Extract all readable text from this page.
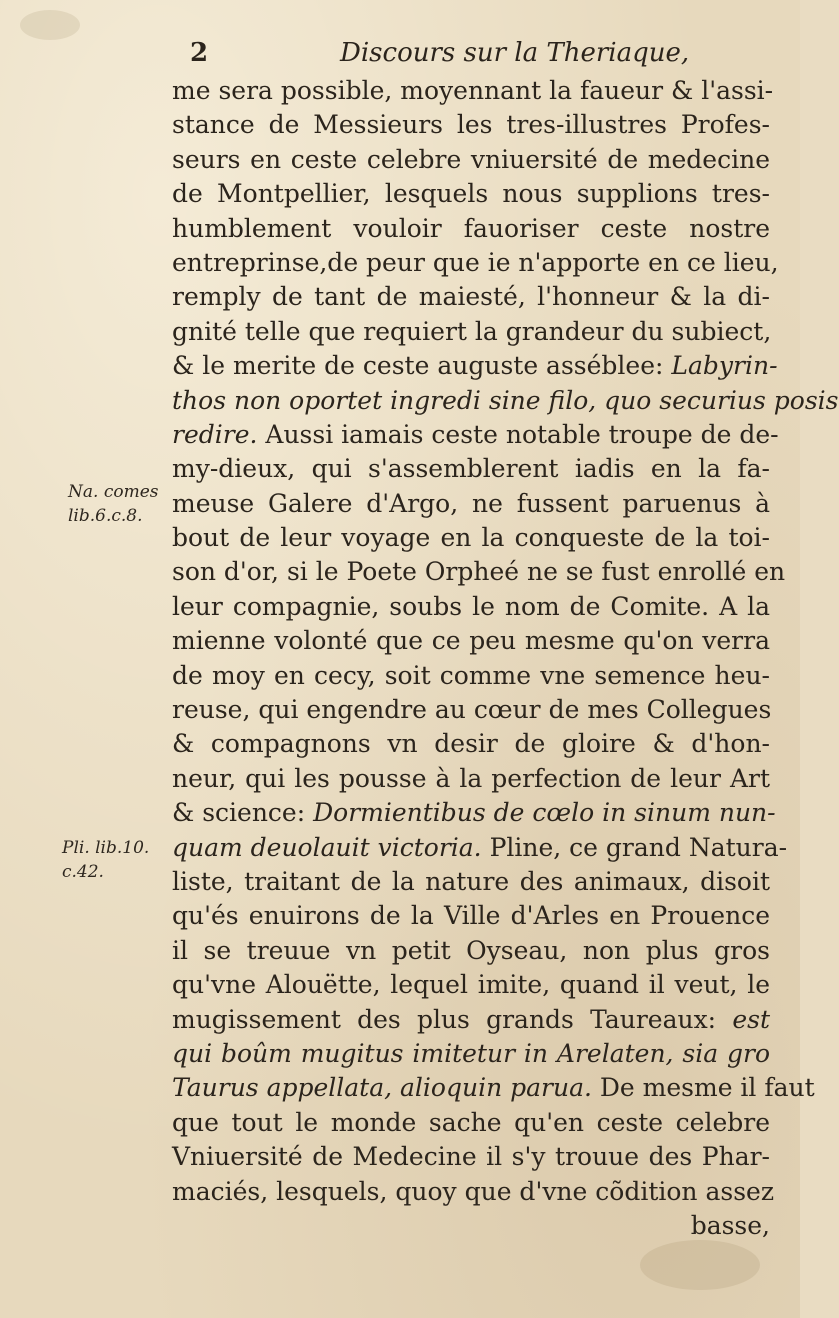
2	Discours sur la Theriaque,
Na. comes
lib.6.c.8.
Pli. lib.10.
c.42.
me sera possible, moyennant la faueur & l'assi-
stance de Messieurs les tres-illustres Profes-
seurs en ceste celebre vniuersité de medecine
de Montpellier, lesquels nous supplions tres-
humblement vouloir fauoriser ceste nostre
entreprinse,de peur que ie n'apporte en ce lieu,
remply de tant de maiesté, l'honneur & la di-
gnité telle que requiert la grandeur du subiect,
& le merite de ceste auguste asséblee: Labyrin-
thos non oportet ingredi sine filo, quo securius posis
redire. Aussi iamais ceste notable troupe de de-
my-dieux, qui s'assemblerent iadis en la fa-
meuse Galere d'Argo, ne fussent paruenus à
bout de leur voyage en la conqueste de la toi-
son d'or, si le Poete Orpheé ne se fust enrollé en
leur compagnie, soubs le nom de Comite. A la
mienne volonté que ce peu mesme qu'on verra
de moy en cecy, soit comme vne semence heu-
reuse, qui engendre au cœur de mes Collegues
& compagnons vn desir de gloire & d'hon-
neur, qui les pousse à la perfection de leur Art
& science: Dormientibus de cœlo in sinum nun-
quam deuolauit victoria. Pline, ce grand Natura-
liste, traitant de la nature des animaux, disoit
qu'és enuirons de la Ville d'Arles en Prouence
il se treuue vn petit Oyseau, non plus gros
qu'vne Alouëtte, lequel imite, quand il veut, le
mugissement des plus grands Taureaux: est
qui boûm mugitus imitetur in Arelaten, sia gro
Taurus appellata, alioquin parua. De mesme il faut
que tout le monde sache qu'en ceste celebre
Vniuersité de Medecine il s'y trouue des Phar-
maciés, lesquels, quoy que d'vne cõdition assez
basse,
